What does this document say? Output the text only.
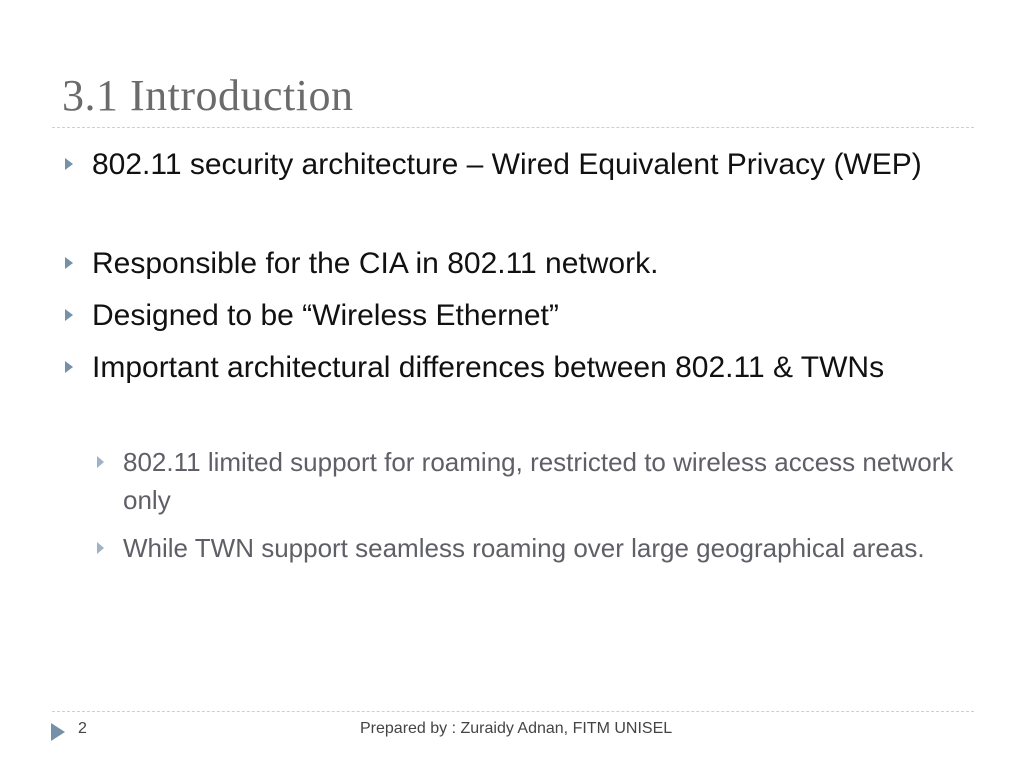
3.1 Introduction
802.11 security architecture – Wired Equivalent Privacy (WEP)
Responsible for the CIA in 802.11 network.
Designed to be “Wireless Ethernet”
Important architectural differences between 802.11 & TWNs
802.11 limited support for roaming, restricted to wireless access network only
While TWN support seamless roaming over large geographical areas.
2	Prepared by : Zuraidy Adnan, FITM UNISEL
